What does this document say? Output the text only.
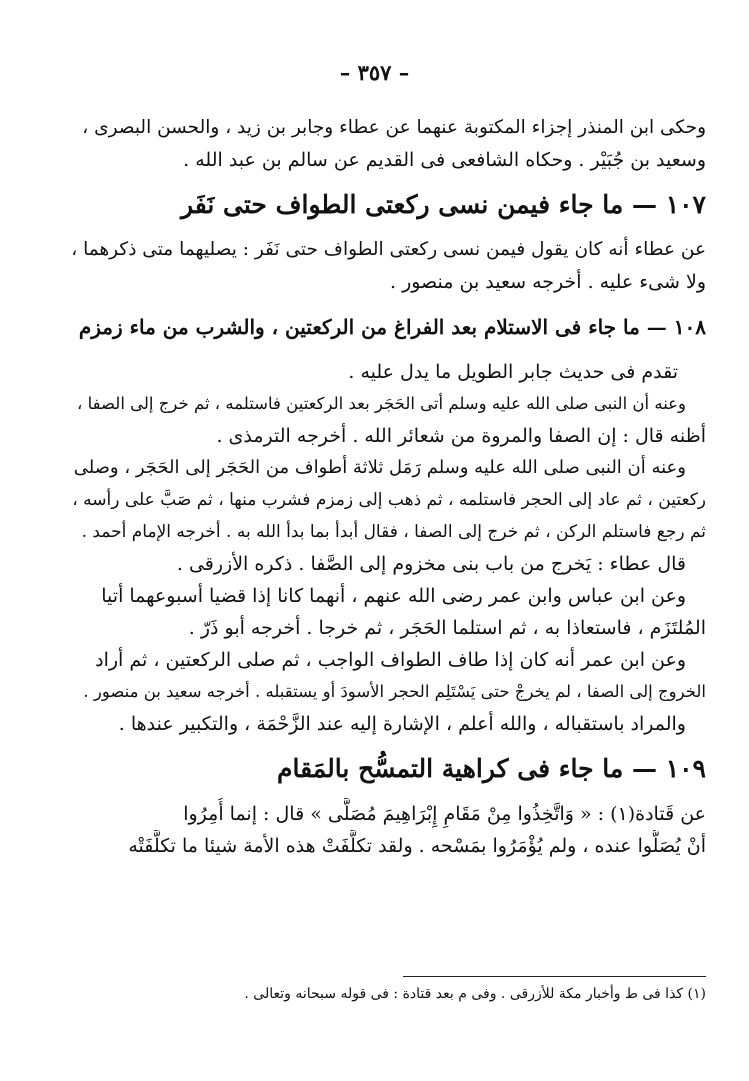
– ٣٥٧ –
وحكى ابن المنذر إجزاء المكتوبة عنهما عن عطاء وجابر بن زيد ، والحسن البصرى ،
وسعيد بن جُبَيْر . وحكاه الشافعى فى القديم عن سالم بن عبد الله .
١٠٧ — ما جاء فيمن نسى ركعتى الطواف حتى نَفَر
عن عطاء أنه كان يقول فيمن نسى ركعتى الطواف حتى نَفَر : يصليهما متى ذكرهما ،
ولا شىء عليه . أخرجه سعيد بن منصور .
١٠٨ — ما جاء فى الاستلام بعد الفراغ من الركعتين ، والشرب من ماء زمزم
تقدم فى حديث جابر الطويل ما يدل عليه .
وعنه أن النبى صلى الله عليه وسلم أتى الحَجَر بعد الركعتين فاستلمه ، ثم خرج إلى الصفا ،
أظنه قال : إن الصفا والمروة من شعائر الله . أخرجه الترمذى .
وعنه أن النبى صلى الله عليه وسلم رَمَل ثلاثة أطواف من الحَجَر إلى الحَجَر ، وصلى
ركعتين ، ثم عاد إلى الحجر فاستلمه ، ثم ذهب إلى زمزم فشرب منها ، ثم صَبَّ على رأسه ،
ثم رجع فاستلم الركن ، ثم خرج إلى الصفا ، فقال أبدأ بما بدأ الله به . أخرجه الإمام أحمد .
قال عطاء : يَخرج من باب بنى مخزوم إلى الصَّفا . ذكره الأزرقى .
وعن ابن عباس وابن عمر رضى الله عنهم ، أنهما كانا إذا قضيا أسبوعهما أتيا
المُلتَزَم ، فاستعاذا به ، ثم استلما الحَجَر ، ثم خرجا . أخرجه أبو ذَرّ .
وعن ابن عمر أنه كان إذا طاف الطواف الواجب ، ثم صلى الركعتين ، ثم أراد
الخروج إلى الصفا ، لم يخرجْ حتى يَسْتَلِم الحجر الأسودَ أو يستقبله . أخرجه سعيد بن منصور .
والمراد باستقباله ، والله أعلم ، الإشارة إليه عند الزَّحْمَة ، والتكبير عندها .
١٠٩ — ما جاء فى كراهية التمسُّح بالمَقام
عن قَتادة(١) : « وَاتَّخِذُوا مِنْ مَقَامِ إِبْرَاهِيمَ مُصَلًّى » قال : إنما أُمِرُوا
أنْ يُصَلُّوا عنده ، ولم يُؤْمَرُوا بمَسْحه . ولقد تكلَّفَتْ هذه الأمة شيئا ما تكلَّفَتْه
(١) كذا فى ط وأخبار مكة للأزرقى . وفى م بعد قتادة : فى قوله سبحانه وتعالى .
